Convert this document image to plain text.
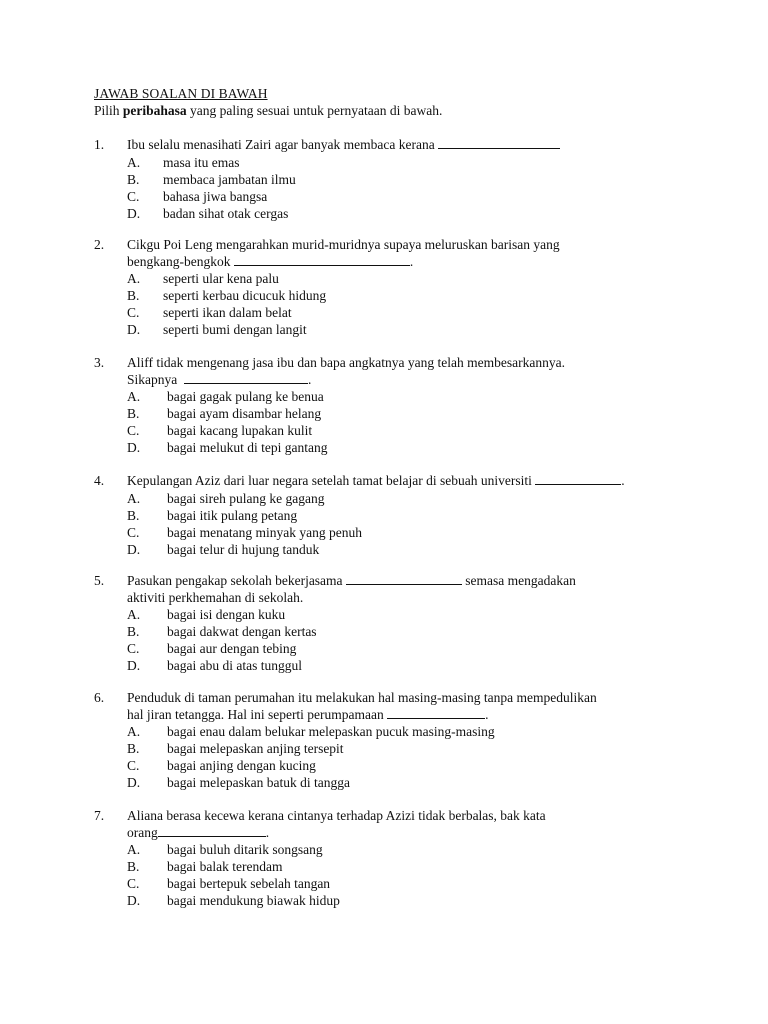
JAWAB SOALAN DI BAWAH
Pilih peribahasa yang paling sesuai untuk pernyataan di bawah.
1. Ibu selalu menasihati Zairi agar banyak membaca kerana
A. masa itu emas
B. membaca jambatan ilmu
C. bahasa jiwa bangsa
D. badan sihat otak cergas
2. Cikgu Poi Leng mengarahkan murid-muridnya supaya meluruskan barisan yang
bengkang-bengkok	.
A. seperti ular kena palu
B. seperti kerbau dicucuk hidung
C. seperti ikan dalam belat
D. seperti bumi dengan langit
3. Aliff tidak mengenang jasa ibu dan bapa angkatnya yang telah membesarkannya.
Sikapnya	.
A. bagai gagak pulang ke benua
B. bagai ayam disambar helang
C. bagai kacang lupakan kulit
D. bagai melukut di tepi gantang
4. Kepulangan Aziz dari luar negara setelah tamat belajar di sebuah universiti	.
A. bagai sireh pulang ke gagang
B. bagai itik pulang petang
C. bagai menatang minyak yang penuh
D. bagai telur di hujung tanduk
5. Pasukan pengakap sekolah bekerjasama	semasa mengadakan
aktiviti perkhemahan di sekolah.
A. bagai isi dengan kuku
B. bagai dakwat dengan kertas
C. bagai aur dengan tebing
D. bagai abu di atas tunggul
6. Penduduk di taman perumahan itu melakukan hal masing-masing tanpa mempedulikan
hal jiran tetangga. Hal ini seperti perumpamaan	.
A. bagai enau dalam belukar melepaskan pucuk masing-masing
B. bagai melepaskan anjing tersepit
C. bagai anjing dengan kucing
D. bagai melepaskan batuk di tangga
7. Aliana berasa kecewa kerana cintanya terhadap Azizi tidak berbalas, bak kata
orang	.
A. bagai buluh ditarik songsang
B. bagai balak terendam
C. bagai bertepuk sebelah tangan
D. bagai mendukung biawak hidup
